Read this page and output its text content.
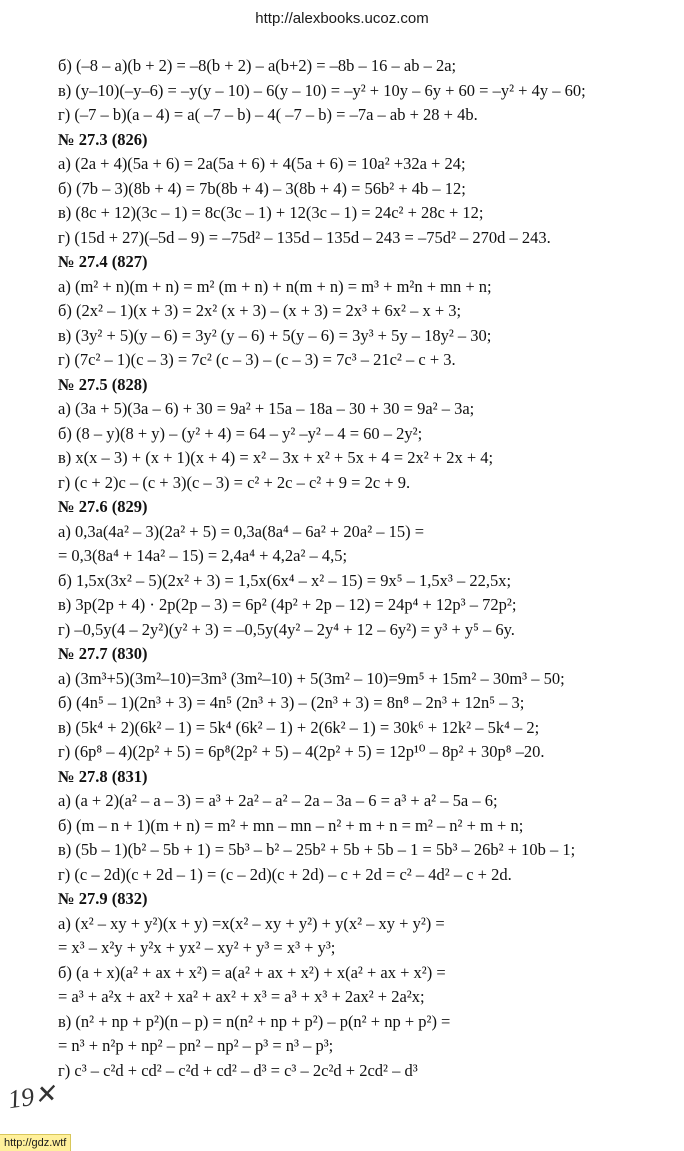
http://alexbooks.ucoz.com
б) (–8 – a)(b + 2) = –8(b + 2) – a(b+2) = –8b – 16 – ab – 2a;
в) (y–10)(–y–6) = –y(y – 10) – 6(y – 10) = –y² + 10y – 6y + 60 = –y² + 4y – 60;
г) (–7 – b)(a – 4) = a( –7 – b) – 4( –7 – b) = –7a – ab + 28 + 4b.
№ 27.3 (826)
а) (2a + 4)(5a + 6) = 2a(5a + 6) + 4(5a + 6) = 10a² +32a + 24;
б) (7b – 3)(8b + 4) = 7b(8b + 4) – 3(8b + 4) = 56b² + 4b – 12;
в) (8c + 12)(3c – 1) = 8c(3c – 1) + 12(3c – 1) = 24c² + 28c + 12;
г) (15d + 27)(–5d – 9) = –75d² – 135d – 135d – 243 = –75d² – 270d – 243.
№ 27.4 (827)
а) (m² + n)(m + n) = m² (m + n) + n(m + n) = m³ + m²n + mn + n;
б) (2x² – 1)(x + 3) = 2x² (x + 3) – (x + 3) = 2x³ + 6x² – x + 3;
в) (3y² + 5)(y – 6) = 3y² (y – 6) + 5(y – 6) = 3y³ + 5y – 18y² – 30;
г) (7c² – 1)(c – 3) = 7c² (c – 3) – (c – 3) = 7c³ – 21c² – c + 3.
№ 27.5 (828)
а) (3a + 5)(3a – 6) + 30 = 9a² + 15a – 18a – 30 + 30 = 9a² – 3a;
б) (8 – y)(8 + y) – (y² + 4) = 64 – y² –y² – 4 = 60 – 2y²;
в) x(x – 3) + (x + 1)(x + 4) = x² – 3x + x² + 5x + 4 = 2x² + 2x + 4;
г) (c + 2)c – (c + 3)(c – 3) = c² + 2c – c² + 9 = 2c + 9.
№ 27.6 (829)
а) 0,3a(4a² – 3)(2a² + 5) = 0,3a(8a⁴ – 6a² + 20a² – 15) =
= 0,3(8a⁴ + 14a² – 15) = 2,4a⁴ + 4,2a² – 4,5;
б) 1,5x(3x² – 5)(2x² + 3) = 1,5x(6x⁴ – x² – 15) = 9x⁵ – 1,5x³ – 22,5x;
в) 3p(2p + 4) · 2p(2p – 3) = 6p² (4p² + 2p – 12) = 24p⁴ + 12p³ – 72p²;
г) –0,5y(4 – 2y²)(y² + 3) = –0,5y(4y² – 2y⁴ + 12 – 6y²) = y³ + y⁵ – 6y.
№ 27.7 (830)
а) (3m³+5)(3m²–10)=3m³ (3m²–10) + 5(3m² – 10)=9m⁵ + 15m² – 30m³ – 50;
б) (4n⁵ – 1)(2n³ + 3) = 4n⁵ (2n³ + 3) – (2n³ + 3) = 8n⁸ – 2n³ + 12n⁵ – 3;
в) (5k⁴ + 2)(6k² – 1) = 5k⁴ (6k² – 1) + 2(6k² – 1) = 30k⁶ + 12k² – 5k⁴ – 2;
г) (6p⁸ – 4)(2p² + 5) = 6p⁸(2p² + 5) – 4(2p² + 5) = 12p¹⁰ – 8p² + 30p⁸ –20.
№ 27.8 (831)
а) (a + 2)(a² – a – 3) = a³ + 2a² – a² – 2a – 3a – 6 = a³ + a² – 5a – 6;
б) (m – n + 1)(m + n) = m² + mn – mn – n² + m + n = m² – n² + m + n;
в) (5b – 1)(b² – 5b + 1) = 5b³ – b² – 25b² + 5b + 5b – 1 = 5b³ – 26b² + 10b – 1;
г) (c – 2d)(c + 2d – 1) = (c – 2d)(c + 2d) – c + 2d = c² – 4d² – c + 2d.
№ 27.9 (832)
а) (x² – xy + y²)(x + y) =x(x² – xy + y²) + y(x² – xy + y²) =
= x³ – x²y + y²x + yx² – xy² + y³ = x³ + y³;
б) (a + x)(a² + ax + x²) = a(a² + ax + x²) + x(a² + ax + x²) =
= a³ + a²x + ax² + xa² + ax² + x³ = a³ + x³ + 2ax² + 2a²x;
в) (n² + np + p²)(n – p) = n(n² + np + p²) – p(n² + np + p²) =
= n³ + n²p + np² – pn² – np² – p³ = n³ – p³;
г) c³ – c²d + cd² – c²d + cd² – d³ = c³ – 2c²d + 2cd² – d³
19✕
http://gdz.wtf
